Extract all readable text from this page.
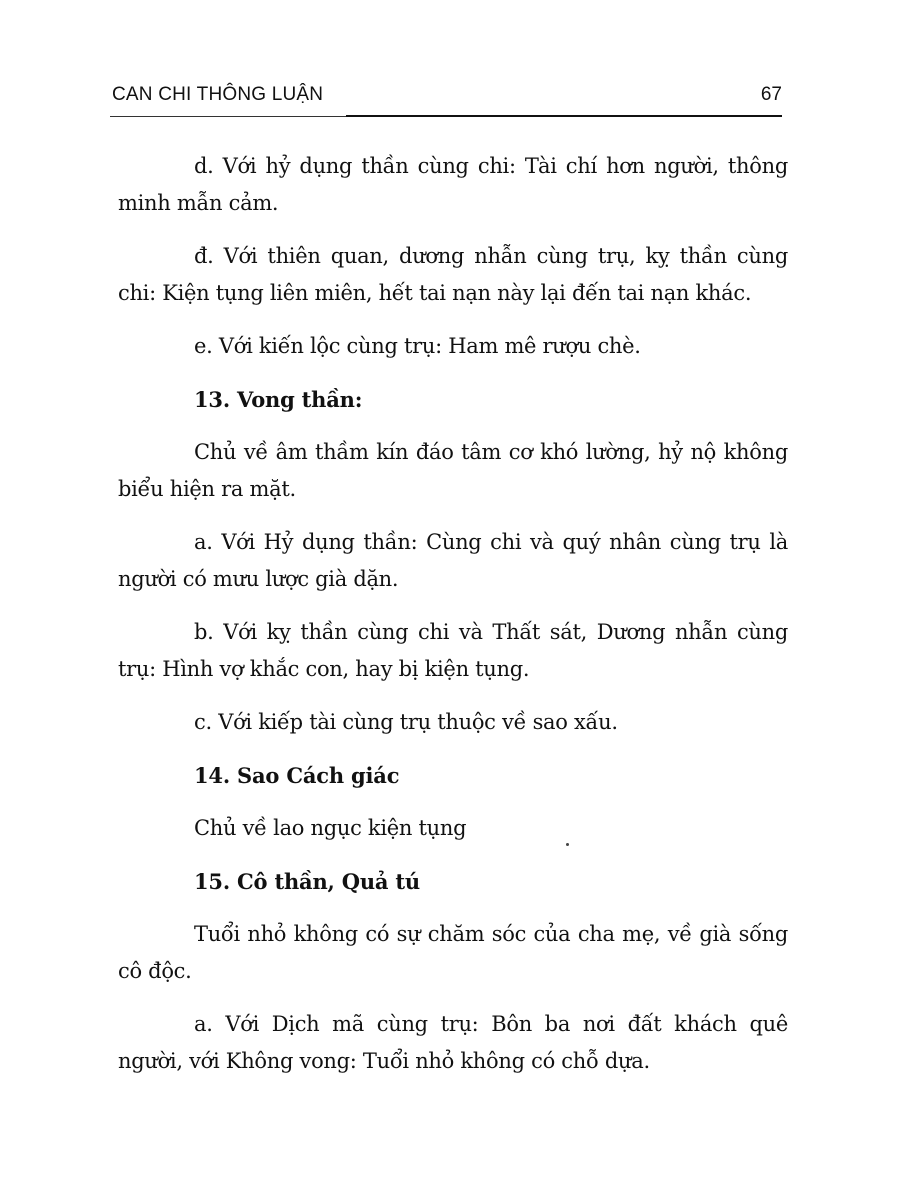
CAN CHI THÔNG LUẬN	67

d. Với hỷ dụng thần cùng chi: Tài chí hơn người, thông minh mẫn cảm.

đ. Với thiên quan, dương nhẫn cùng trụ, kỵ thần cùng chi: Kiện tụng liên miên, hết tai nạn này lại đến tai nạn khác.

e. Với kiến lộc cùng trụ: Ham mê rượu chè.

13. Vong thần:

Chủ về âm thầm kín đáo tâm cơ khó lường, hỷ nộ không biểu hiện ra mặt.

a. Với Hỷ dụng thần: Cùng chi và quý nhân cùng trụ là người có mưu lược già dặn.

b. Với kỵ thần cùng chi và Thất sát, Dương nhẫn cùng trụ: Hình vợ khắc con, hay bị kiện tụng.

c. Với kiếp tài cùng trụ thuộc về sao xấu.

14. Sao Cách giác

Chủ về lao ngục kiện tụng

15. Cô thần, Quả tú

Tuổi nhỏ không có sự chăm sóc của cha mẹ, về già sống cô độc.

a. Với Dịch mã cùng trụ: Bôn ba nơi đất khách quê người, với Không vong: Tuổi nhỏ không có chỗ dựa.
